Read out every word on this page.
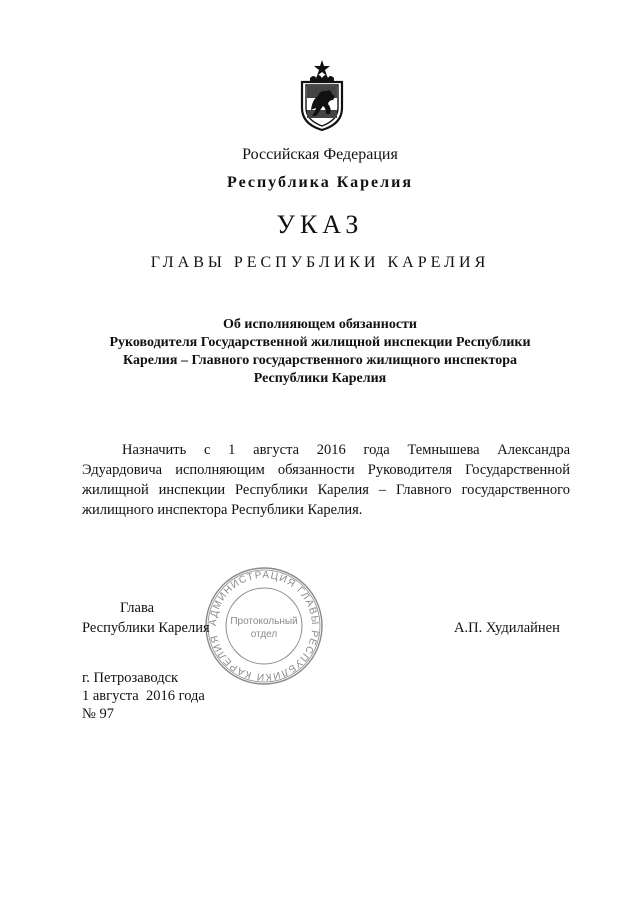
Российская Федерация
Республика Карелия
УКАЗ
ГЛАВЫ РЕСПУБЛИКИ КАРЕЛИЯ
Об исполняющем обязанности
Руководителя Государственной жилищной инспекции Республики
Карелия – Главного государственного жилищного инспектора
Республики Карелия
Назначить с 1 августа 2016 года Темнышева Александра
Эдуардовича исполняющим обязанности Руководителя Государственной
жилищной инспекции Республики Карелия – Главного государственного
жилищного инспектора Республики Карелия.
АДМИНИСТРАЦИЯ ГЛАВЫ РЕСПУБЛИКИ КАРЕЛИЯ
Протокольный
отдел
Глава
Республики Карелия	А.П. Худилайнен
г. Петрозаводск
1 августа  2016 года
№ 97
